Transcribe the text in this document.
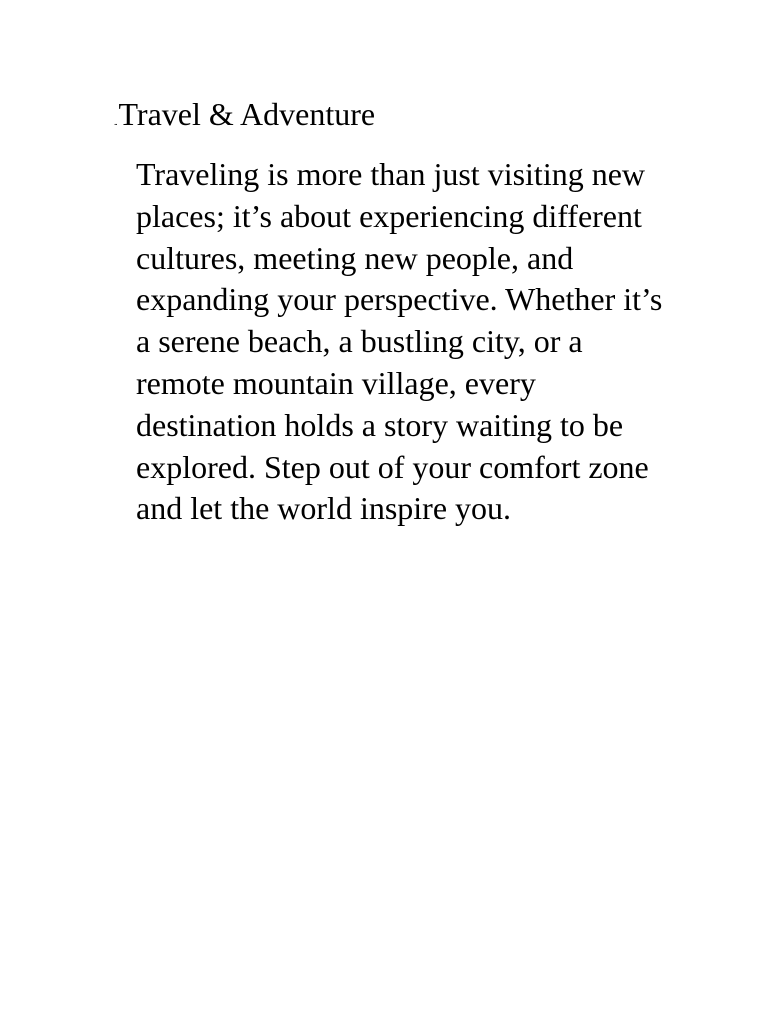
..Travel & Adventure

Traveling is more than just visiting new places; it’s about experiencing different cultures, meeting new people, and expanding your perspective. Whether it’s a serene beach, a bustling city, or a remote mountain village, every destination holds a story waiting to be explored. Step out of your comfort zone and let the world inspire you.
